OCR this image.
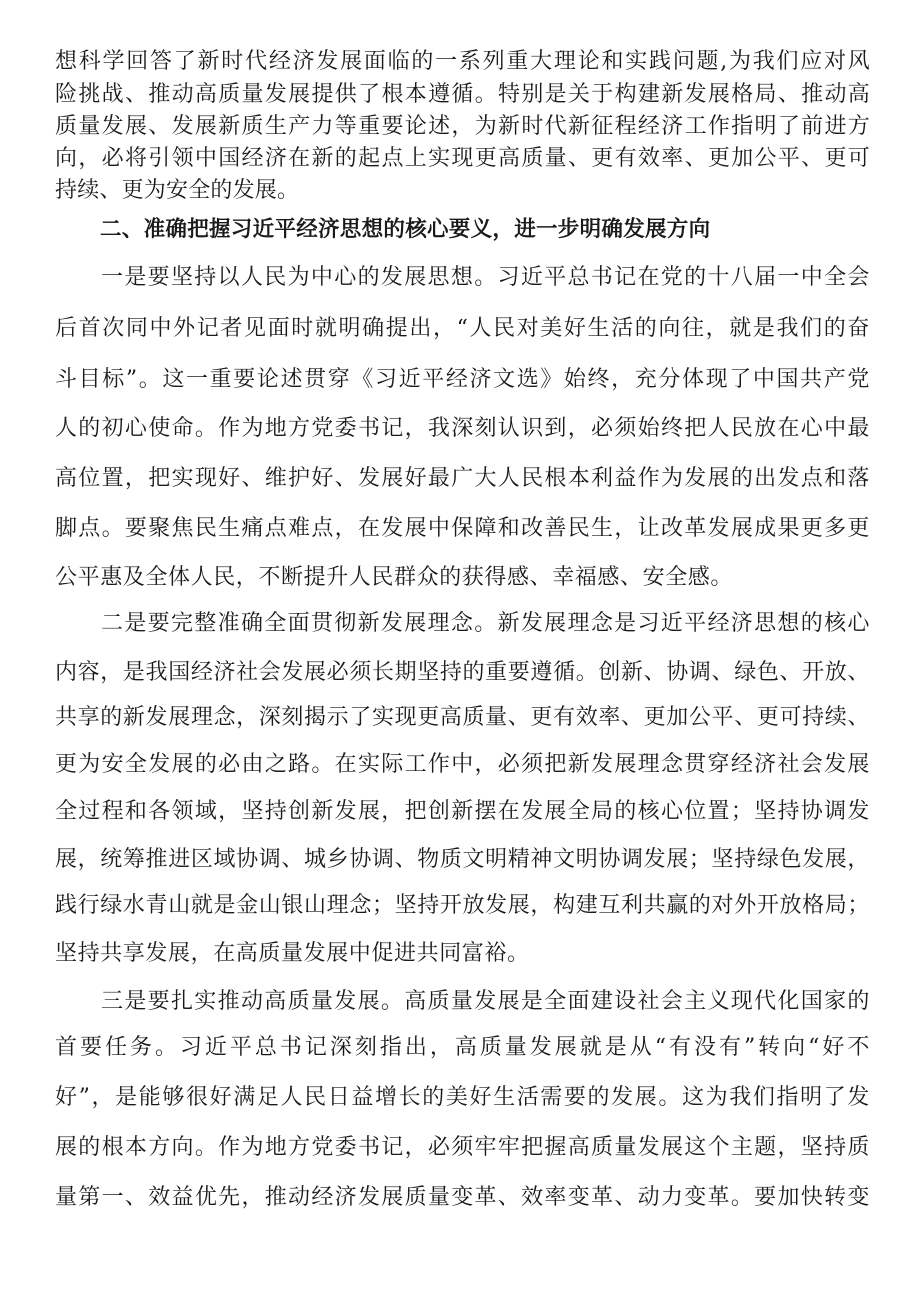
想科学回答了新时代经济发展面临的一系列重大理论和实践问题,为我们应对风
险挑战、推动高质量发展提供了根本遵循。特别是关于构建新发展格局、推动高
质量发展、发展新质生产力等重要论述，为新时代新征程经济工作指明了前进方
向，必将引领中国经济在新的起点上实现更高质量、更有效率、更加公平、更可
持续、更为安全的发展。
二、准确把握习近平经济思想的核心要义，进一步明确发展方向
一是要坚持以人民为中心的发展思想。习近平总书记在党的十八届一中全会
后首次同中外记者见面时就明确提出，“人民对美好生活的向往，就是我们的奋
斗目标”。这一重要论述贯穿《习近平经济文选》始终，充分体现了中国共产党
人的初心使命。作为地方党委书记，我深刻认识到，必须始终把人民放在心中最
高位置，把实现好、维护好、发展好最广大人民根本利益作为发展的出发点和落
脚点。要聚焦民生痛点难点，在发展中保障和改善民生，让改革发展成果更多更
公平惠及全体人民，不断提升人民群众的获得感、幸福感、安全感。
二是要完整准确全面贯彻新发展理念。新发展理念是习近平经济思想的核心
内容，是我国经济社会发展必须长期坚持的重要遵循。创新、协调、绿色、开放、
共享的新发展理念，深刻揭示了实现更高质量、更有效率、更加公平、更可持续、
更为安全发展的必由之路。在实际工作中，必须把新发展理念贯穿经济社会发展
全过程和各领域，坚持创新发展，把创新摆在发展全局的核心位置；坚持协调发
展，统筹推进区域协调、城乡协调、物质文明精神文明协调发展；坚持绿色发展，
践行绿水青山就是金山银山理念；坚持开放发展，构建互利共赢的对外开放格局；
坚持共享发展，在高质量发展中促进共同富裕。
三是要扎实推动高质量发展。高质量发展是全面建设社会主义现代化国家的
首要任务。习近平总书记深刻指出，高质量发展就是从“有没有”转向“好不
好”，是能够很好满足人民日益增长的美好生活需要的发展。这为我们指明了发
展的根本方向。作为地方党委书记，必须牢牢把握高质量发展这个主题，坚持质
量第一、效益优先，推动经济发展质量变革、效率变革、动力变革。要加快转变
